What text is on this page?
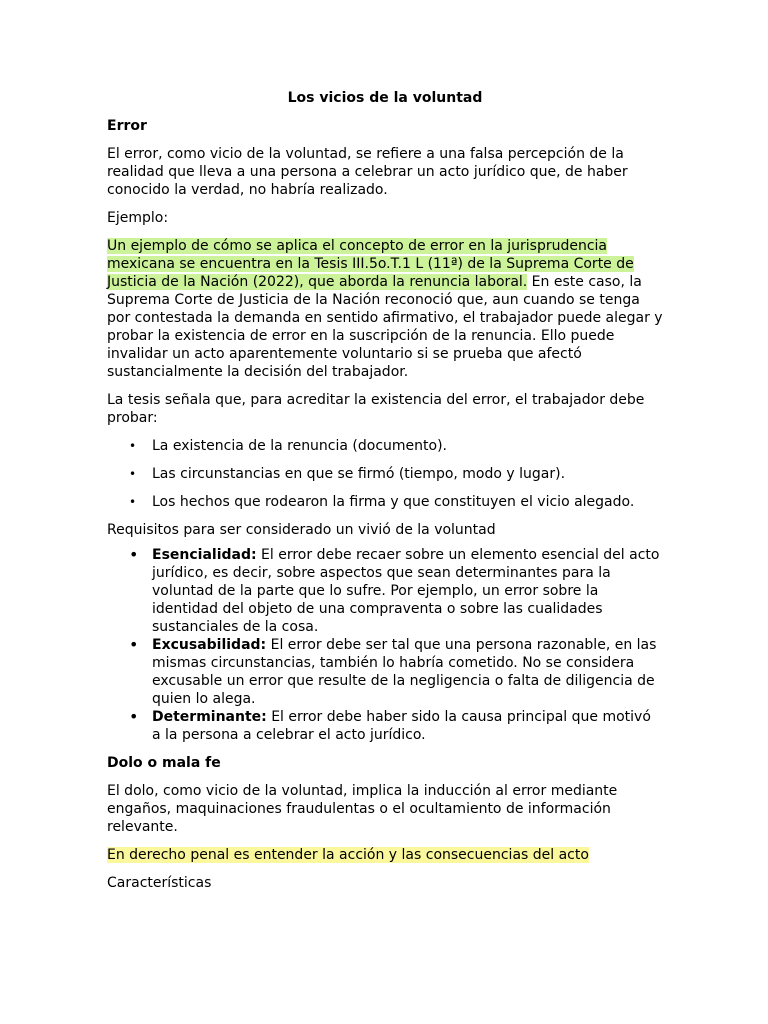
Los vicios de la voluntad
Error

El error, como vicio de la voluntad, se refiere a una falsa percepción de la realidad que lleva a una persona a celebrar un acto jurídico que, de haber conocido la verdad, no habría realizado.

Ejemplo:

Un ejemplo de cómo se aplica el concepto de error en la jurisprudencia mexicana se encuentra en la Tesis III.5o.T.1 L (11ª) de la Suprema Corte de Justicia de la Nación (2022), que aborda la renuncia laboral. En este caso, la Suprema Corte de Justicia de la Nación reconoció que, aun cuando se tenga por contestada la demanda en sentido afirmativo, el trabajador puede alegar y probar la existencia de error en la suscripción de la renuncia. Ello puede invalidar un acto aparentemente voluntario si se prueba que afectó sustancialmente la decisión del trabajador.

La tesis señala que, para acreditar la existencia del error, el trabajador debe probar:

• La existencia de la renuncia (documento).
• Las circunstancias en que se firmó (tiempo, modo y lugar).
• Los hechos que rodearon la firma y que constituyen el vicio alegado.

Requisitos para ser considerado un vivió de la voluntad

• Esencialidad: El error debe recaer sobre un elemento esencial del acto jurídico, es decir, sobre aspectos que sean determinantes para la voluntad de la parte que lo sufre. Por ejemplo, un error sobre la identidad del objeto de una compraventa o sobre las cualidades sustanciales de la cosa.
• Excusabilidad: El error debe ser tal que una persona razonable, en las mismas circunstancias, también lo habría cometido. No se considera excusable un error que resulte de la negligencia o falta de diligencia de quien lo alega.
• Determinante: El error debe haber sido la causa principal que motivó a la persona a celebrar el acto jurídico.
Dolo o mala fe

El dolo, como vicio de la voluntad, implica la inducción al error mediante engaños, maquinaciones fraudulentas o el ocultamiento de información relevante.

En derecho penal es entender la acción y las consecuencias del acto

Características
